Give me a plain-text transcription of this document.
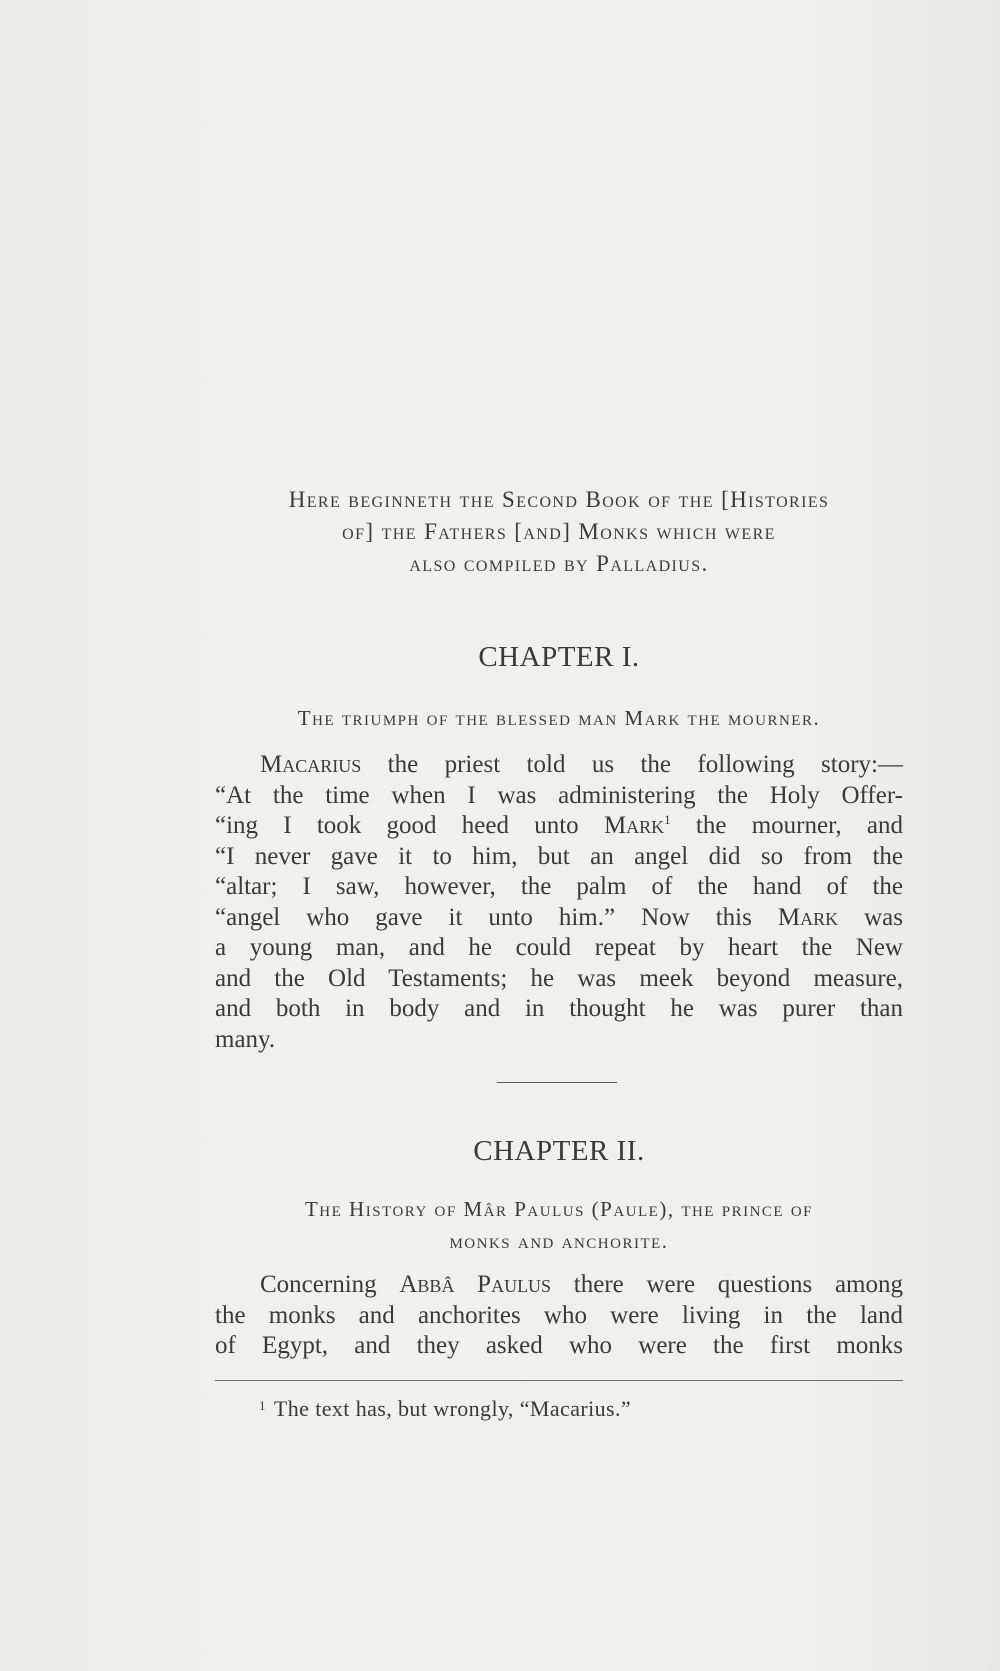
Here beginneth the Second Book of the [Histories
of] the Fathers [and] Monks which were
also compiled by Palladius.
CHAPTER I.
The triumph of the blessed man Mark the mourner.
Macarius the priest told us the following story:—
“At the time when I was administering the Holy Offer-
“ing I took good heed unto Mark$^1$ the mourner, and
“I never gave it to him, but an angel did so from the
“altar; I saw, however, the palm of the hand of the
“angel who gave it unto him.” Now this Mark was
a young man, and he could repeat by heart the New
and the Old Testaments; he was meek beyond measure,
and both in body and in thought he was purer than
many.
CHAPTER II.
The History of Mâr Paulus (Paule), the prince of
monks and anchorite.
Concerning Abbâ Paulus there were questions among
the monks and anchorites who were living in the land
of Egypt, and they asked who were the first monks
$^1$ The text has, but wrongly, “Macarius.”
